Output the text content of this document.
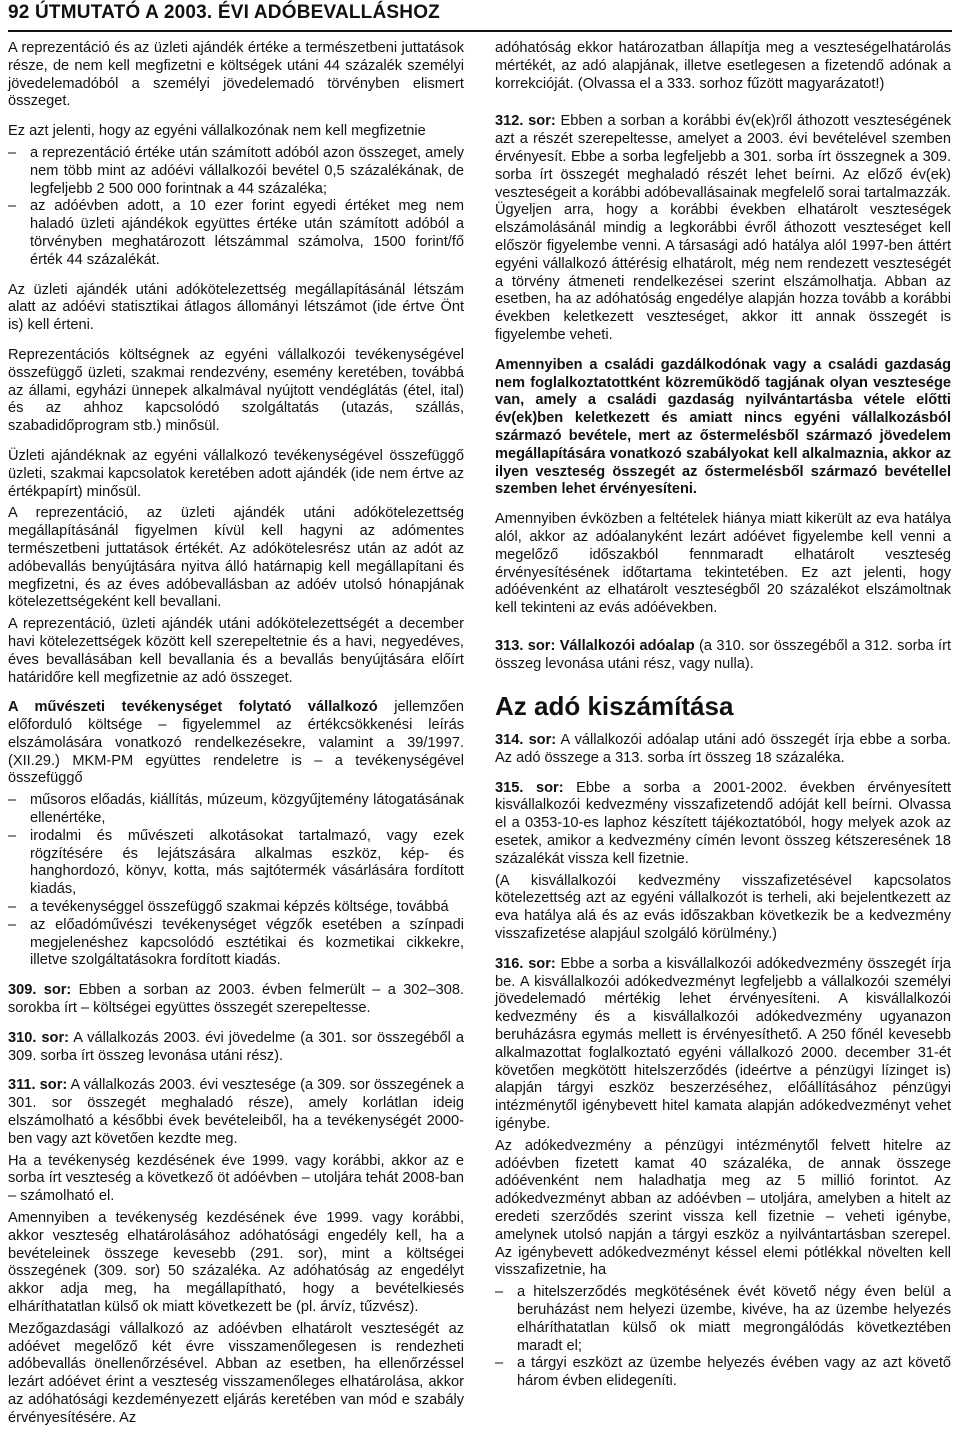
92 ÚTMUTATÓ A 2003. ÉVI ADÓBEVALLÁSHOZ

A reprezentáció és az üzleti ajándék értéke a természetbeni juttatások része, de nem kell megfizetni e költségek utáni 44 százalék személyi jövedelemadóból a személyi jövedelemadó törvényben elismert összeget.

Ez azt jelenti, hogy az egyéni vállalkozónak nem kell megfizetnie

– a reprezentáció értéke után számított adóból azon összeget, amely nem több mint az adóévi vállalkozói bevétel 0,5 százalékának, de legfeljebb 2 500 000 forintnak a 44 százaléka;
– az adóévben adott, a 10 ezer forint egyedi értéket meg nem haladó üzleti ajándékok együttes értéke után számított adóból a törvényben meghatározott létszámmal számolva, 1500 forint/fő érték 44 százalékát.

Az üzleti ajándék utáni adókötelezettség megállapításánál létszám alatt az adóévi statisztikai átlagos állományi létszámot (ide értve Önt is) kell érteni.

Reprezentációs költségnek az egyéni vállalkozói tevékenységével összefüggő üzleti, szakmai rendezvény, esemény keretében, továbbá az állami, egyházi ünnepek alkalmával nyújtott vendéglátás (étel, ital) és az ahhoz kapcsolódó szolgáltatás (utazás, szállás, szabadidőprogram stb.) minősül.

Üzleti ajándéknak az egyéni vállalkozó tevékenységével összefüggő üzleti, szakmai kapcsolatok keretében adott ajándék (ide nem értve az értékpapírt) minősül.

A reprezentáció, az üzleti ajándék utáni adókötelezettség megállapításánál figyelmen kívül kell hagyni az adómentes természetbeni juttatások értékét. Az adókötelesrész után az adót az adóbevallás benyújtására nyitva álló határnapig kell megállapítani és megfizetni, és az éves adóbevallásban az adóév utolsó hónapjának kötelezettségeként kell bevallani.

A reprezentáció, üzleti ajándék utáni adókötelezettségét a december havi kötelezettségek között kell szerepeltetnie és a havi, negyedéves, éves bevallásában kell bevallania és a bevallás benyújtására előírt határidőre kell megfizetnie az adó összeget.

A művészeti tevékenységet folytató vállalkozó jellemzően előforduló költsége – figyelemmel az értékcsökkenési leírás elszámolására vonatkozó rendelkezésekre, valamint a 39/1997. (XII.29.) MKM-PM együttes rendeletre is – a tevékenységével összefüggő

– műsoros előadás, kiállítás, múzeum, közgyűjtemény látogatásának ellenértéke,
– irodalmi és művészeti alkotásokat tartalmazó, vagy ezek rögzítésére és lejátszására alkalmas eszköz, kép- és hanghordozó, könyv, kotta, más sajtótermék vásárlására fordított kiadás,
– a tevékenységgel összefüggő szakmai képzés költsége, továbbá
– az előadóművészi tevékenységet végzők esetében a színpadi megjelenéshez kapcsolódó esztétikai és kozmetikai cikkekre, illetve szolgáltatásokra fordított kiadás.

309. sor: Ebben a sorban az 2003. évben felmerült – a 302–308. sorokba írt – költségei együttes összegét szerepeltesse.

310. sor: A vállalkozás 2003. évi jövedelme (a 301. sor összegéből a 309. sorba írt összeg levonása utáni rész).

311. sor: A vállalkozás 2003. évi vesztesége (a 309. sor összegének a 301. sor összegét meghaladó része), amely korlátlan ideig elszámolható a későbbi évek bevételeiből, ha a tevékenységét 2000-ben vagy azt követően kezdte meg.

Ha a tevékenység kezdésének éve 1999. vagy korábbi, akkor az e sorba írt veszteség a következő öt adóévben – utoljára tehát 2008-ban – számolható el.

Amennyiben a tevékenység kezdésének éve 1999. vagy korábbi, akkor veszteség elhatárolásához adóhatósági engedély kell, ha a bevételeinek összege kevesebb (291. sor), mint a költségei összegének (309. sor) 50 százaléka. Az adóhatóság az engedélyt akkor adja meg, ha megállapítható, hogy a bevételkiesés elháríthatatlan külső ok miatt következett be (pl. árvíz, tűzvész).

Mezőgazdasági vállalkozó az adóévben elhatárolt veszteségét az adóévet megelőző két évre visszamenőlegesen is rendezheti adóbevallás önellenőrzésével. Abban az esetben, ha ellenőrzéssel lezárt adóévet érint a veszteség visszamenőleges elhatárolása, akkor az adóhatósági kezdeményezett eljárás keretében van mód e szabály érvényesítésére. Az

adóhatóság ekkor határozatban állapítja meg a veszteségelhatárolás mértékét, az adó alapjának, illetve esetlegesen a fizetendő adónak a korrekcióját. (Olvassa el a 333. sorhoz fűzött magyarázatot!)

312. sor: Ebben a sorban a korábbi év(ek)ről áthozott veszteségének azt a részét szerepeltesse, amelyet a 2003. évi bevételével szemben érvényesít. Ebbe a sorba legfeljebb a 301. sorba írt összegnek a 309. sorba írt összegét meghaladó részét lehet beírni. Az előző év(ek) veszteségeit a korábbi adóbevallásainak megfelelő sorai tartalmazzák. Ügyeljen arra, hogy a korábbi években elhatárolt veszteségek elszámolásánál mindig a legkorábbi évről áthozott veszteséget kell először figyelembe venni. A társasági adó hatálya alól 1997-ben áttért egyéni vállalkozó áttérésig elhatárolt, még nem rendezett veszteségét a törvény átmeneti rendelkezései szerint elszámolhatja. Abban az esetben, ha az adóhatóság engedélye alapján hozza tovább a korábbi években keletkezett veszteséget, akkor itt annak összegét is figyelembe veheti.

Amennyiben a családi gazdálkodónak vagy a családi gazdaság nem foglalkoztatottként közreműködő tagjának olyan vesztesége van, amely a családi gazdaság nyilvántartásba vétele előtti év(ek)ben keletkezett és amiatt nincs egyéni vállalkozásból származó bevétele, mert az őstermelésből származó jövedelem megállapítására vonatkozó szabályokat kell alkalmaznia, akkor az ilyen veszteség összegét az őstermelésből származó bevétellel szemben lehet érvényesíteni.

Amennyiben évközben a feltételek hiánya miatt kikerült az eva hatálya alól, akkor az adóalanyként lezárt adóévet figyelembe kell venni a megelőző időszakból fennmaradt elhatárolt veszteség érvényesítésének időtartama tekintetében. Ez azt jelenti, hogy adóévenként az elhatárolt veszteségből 20 százalékot elszámoltnak kell tekinteni az evás adóévekben.

313. sor: Vállalkozói adóalap (a 310. sor összegéből a 312. sorba írt összeg levonása utáni rész, vagy nulla).

Az adó kiszámítása

314. sor: A vállalkozói adóalap utáni adó összegét írja ebbe a sorba. Az adó összege a 313. sorba írt összeg 18 százaléka.

315. sor: Ebbe a sorba a 2001-2002. években érvényesített kisvállalkozói kedvezmény visszafizetendő adóját kell beírni. Olvassa el a 0353-10-es laphoz készített tájékoztatóból, hogy melyek azok az esetek, amikor a kedvezmény címén levont összeg kétszeresének 18 százalékát vissza kell fizetnie.

(A kisvállalkozói kedvezmény visszafizetésével kapcsolatos kötelezettség azt az egyéni vállalkozót is terheli, aki bejelentkezett az eva hatálya alá és az evás időszakban következik be a kedvezmény visszafizetése alapjául szolgáló körülmény.)

316. sor: Ebbe a sorba a kisvállalkozói adókedvezmény összegét írja be. A kisvállalkozói adókedvezményt legfeljebb a vállalkozói személyi jövedelemadó mértékig lehet érvényesíteni. A kisvállalkozói kedvezmény és a kisvállalkozói adókedvezmény ugyanazon beruházásra egymás mellett is érvényesíthető. A 250 főnél kevesebb alkalmazottat foglalkoztató egyéni vállalkozó 2000. december 31-ét követően megkötött hitelszerződés (ideértve a pénzügyi lízinget is) alapján tárgyi eszköz beszerzéséhez, előállításához pénzügyi intézménytől igénybevett hitel kamata alapján adókedvezményt vehet igénybe.

Az adókedvezmény a pénzügyi intézménytől felvett hitelre az adóévben fizetett kamat 40 százaléka, de annak összege adóévenként nem haladhatja meg az 5 millió forintot. Az adókedvezményt abban az adóévben – utoljára, amelyben a hitelt az eredeti szerződés szerint vissza kell fizetnie – veheti igénybe, amelynek utolsó napján a tárgyi eszköz a nyilvántartásban szerepel. Az igénybevett adókedvezményt késsel elemi pótlékkal növelten kell visszafizetnie, ha

– a hitelszerződés megkötésének évét követő négy éven belül a beruházást nem helyezi üzembe, kivéve, ha az üzembe helyezés elháríthatatlan külső ok miatt megrongálódás következtében maradt el;
– a tárgyi eszközt az üzembe helyezés évében vagy az azt követő három évben elidegeníti.
